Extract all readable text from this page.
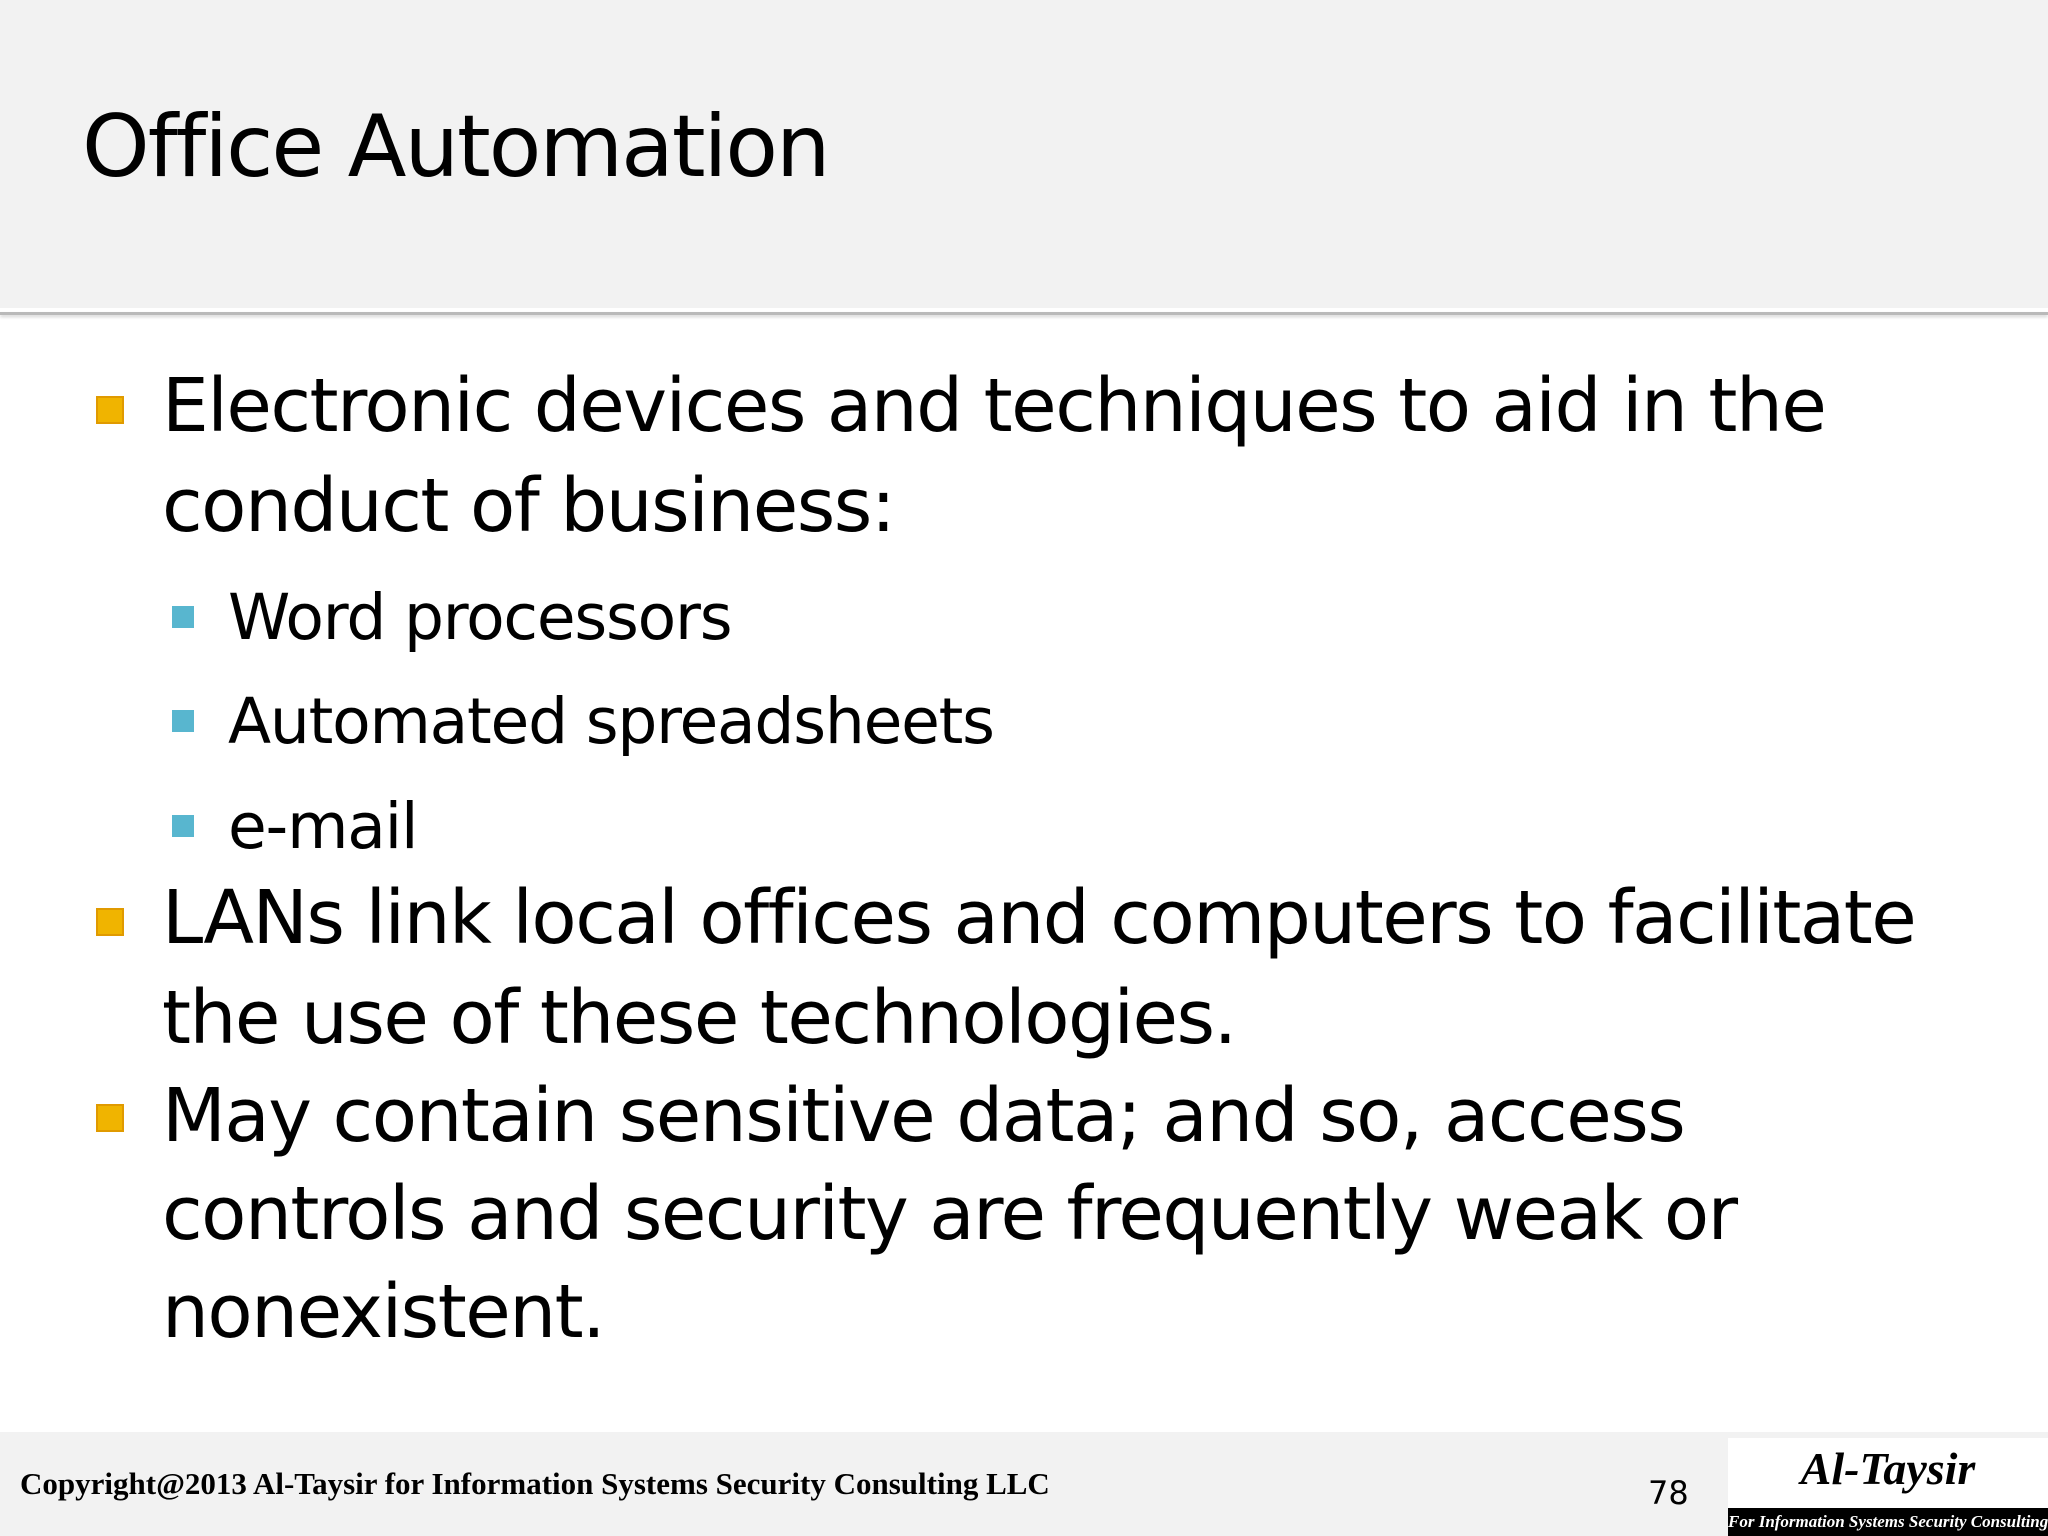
Office Automation

Electronic devices and techniques to aid in the

conduct of business:

Word processors

Automated spreadsheets

e-mail

LANs link local offices and computers to facilitate

the use of these technologies.

May contain sensitive data; and so, access

controls and security are frequently weak or

nonexistent.

Copyright@2013 Al-Taysir for Information Systems Security Consulting LLC	78	Al-Taysir
For Information Systems Security Consulting
